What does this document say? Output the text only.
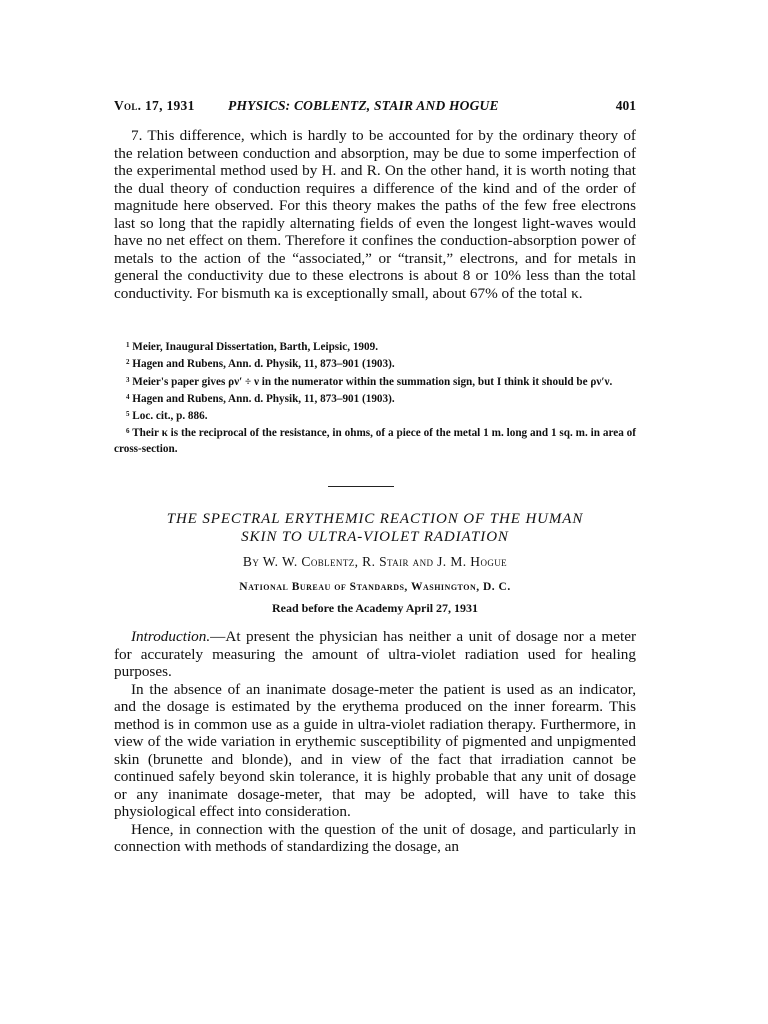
Vol. 17, 1931 PHYSICS: COBLENTZ, STAIR AND HOGUE	401

7. This difference, which is hardly to be accounted for by the ordinary theory of the relation between conduction and absorption, may be due to some imperfection of the experimental method used by H. and R. On the other hand, it is worth noting that the dual theory of conduction requires a difference of the kind and of the order of magnitude here observed. For this theory makes the paths of the few free electrons last so long that the rapidly alternating fields of even the longest light-waves would have no net effect on them. Therefore it confines the conduction-absorption power of metals to the action of the “associated,” or “transit,” electrons, and for metals in general the conductivity due to these electrons is about 8 or 10% less than the total conductivity. For bismuth κa is exceptionally small, about 67% of the total κ.

$^1$ Meier, Inaugural Dissertation, Barth, Leipsic, 1909.

$^2$ Hagen and Rubens, Ann. d. Physik, 11, 873–901 (1903).

$^3$ Meier's paper gives ρν′ ÷ ν in the numerator within the summation sign, but I think it should be ρν′ν.

$^4$ Hagen and Rubens, Ann. d. Physik, 11, 873–901 (1903).

$^5$ Loc. cit., p. 886.

$^6$ Their κ is the reciprocal of the resistance, in ohms, of a piece of the metal 1 m. long and 1 sq. m. in area of cross-section.

THE SPECTRAL ERYTHEMIC REACTION OF THE HUMAN
SKIN TO ULTRA-VIOLET RADIATION
By W. W. Coblentz, R. Stair and J. M. Hogue
National Bureau of Standards, Washington, D. C.
Read before the Academy April 27, 1931

Introduction.—At present the physician has neither a unit of dosage nor a meter for accurately measuring the amount of ultra-violet radiation used for healing purposes.

In the absence of an inanimate dosage-meter the patient is used as an indicator, and the dosage is estimated by the erythema produced on the inner forearm. This method is in common use as a guide in ultra-violet radiation therapy. Furthermore, in view of the wide variation in erythemic susceptibility of pigmented and unpigmented skin (brunette and blonde), and in view of the fact that irradiation cannot be continued safely beyond skin tolerance, it is highly probable that any unit of dosage or any inanimate dosage-meter, that may be adopted, will have to take this physiological effect into consideration.

Hence, in connection with the question of the unit of dosage, and particularly in connection with methods of standardizing the dosage, an
